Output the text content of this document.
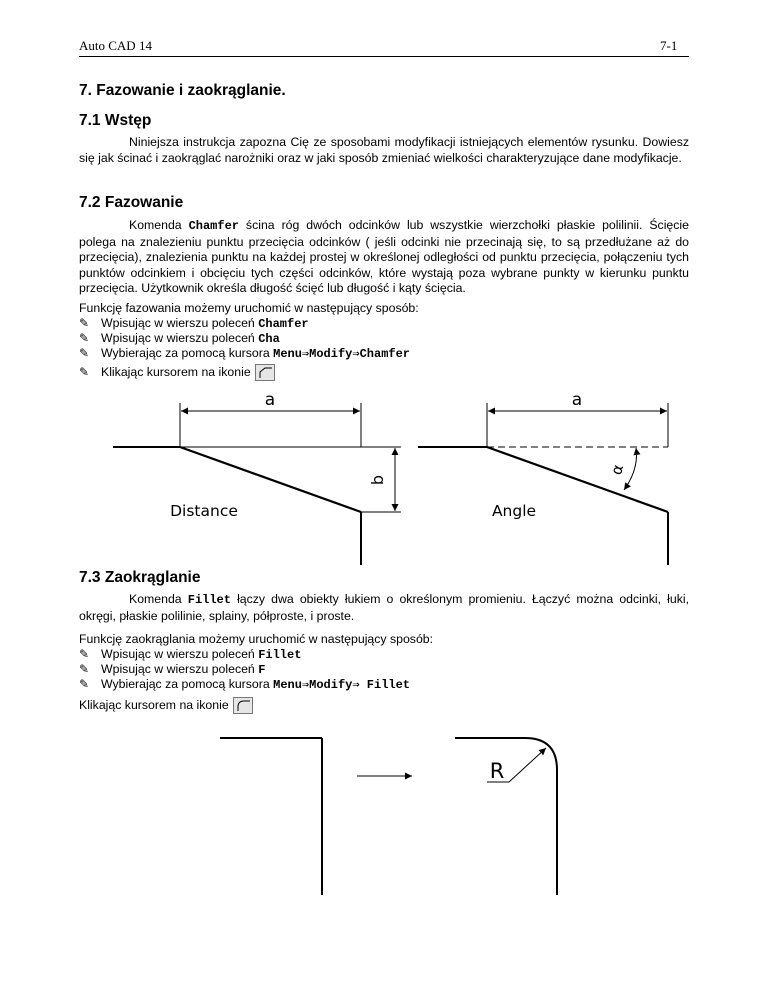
Auto CAD 14	7-1
7. Fazowanie i zaokrąglanie.
7.1 Wstęp

Niniejsza instrukcja zapozna Cię ze sposobami modyfikacji istniejących elementów rysunku. Dowiesz się jak ścinać i zaokrąglać narożniki oraz w jaki sposób zmieniać wielkości charakteryzujące dane modyfikacje.

7.2 Fazowanie

Komenda Chamfer ścina róg dwóch odcinków lub wszystkie wierzchołki płaskie polilinii. Ścięcie polega na znalezieniu punktu przecięcia odcinków ( jeśli odcinki nie przecinają się, to są przedłużane aż do przecięcia), znalezienia punktu na każdej prostej w określonej odległości od punktu przecięcia, połączeniu tych punktów odcinkiem i obcięciu tych części odcinków, które wystają poza wybrane punkty w kierunku punktu przecięcia. Użytkownik określa długość ścięć lub długość i kąty ścięcia.

Funkcję fazowania możemy uruchomić w następujący sposób:
✎ Wpisując w wierszu poleceń Chamfer
✎ Wpisując w wierszu poleceń Cha
✎ Wybierając za pomocą kursora Menu⇒Modify⇒Chamfer
✎ Klikając kursorem na ikonie
a
b
Distance
a
α
Angle
7.3 Zaokrąglanie

Komenda Fillet łączy dwa obiekty łukiem o określonym promieniu. Łączyć można odcinki, łuki, okręgi, płaskie polilinie, splainy, półproste, i proste.

Funkcję zaokrąglania możemy uruchomić w następujący sposób:
✎ Wpisując w wierszu poleceń Fillet
✎ Wpisując w wierszu poleceń F
✎ Wybierając za pomocą kursora Menu⇒Modify⇒ Fillet
Klikając kursorem na ikonie
R
